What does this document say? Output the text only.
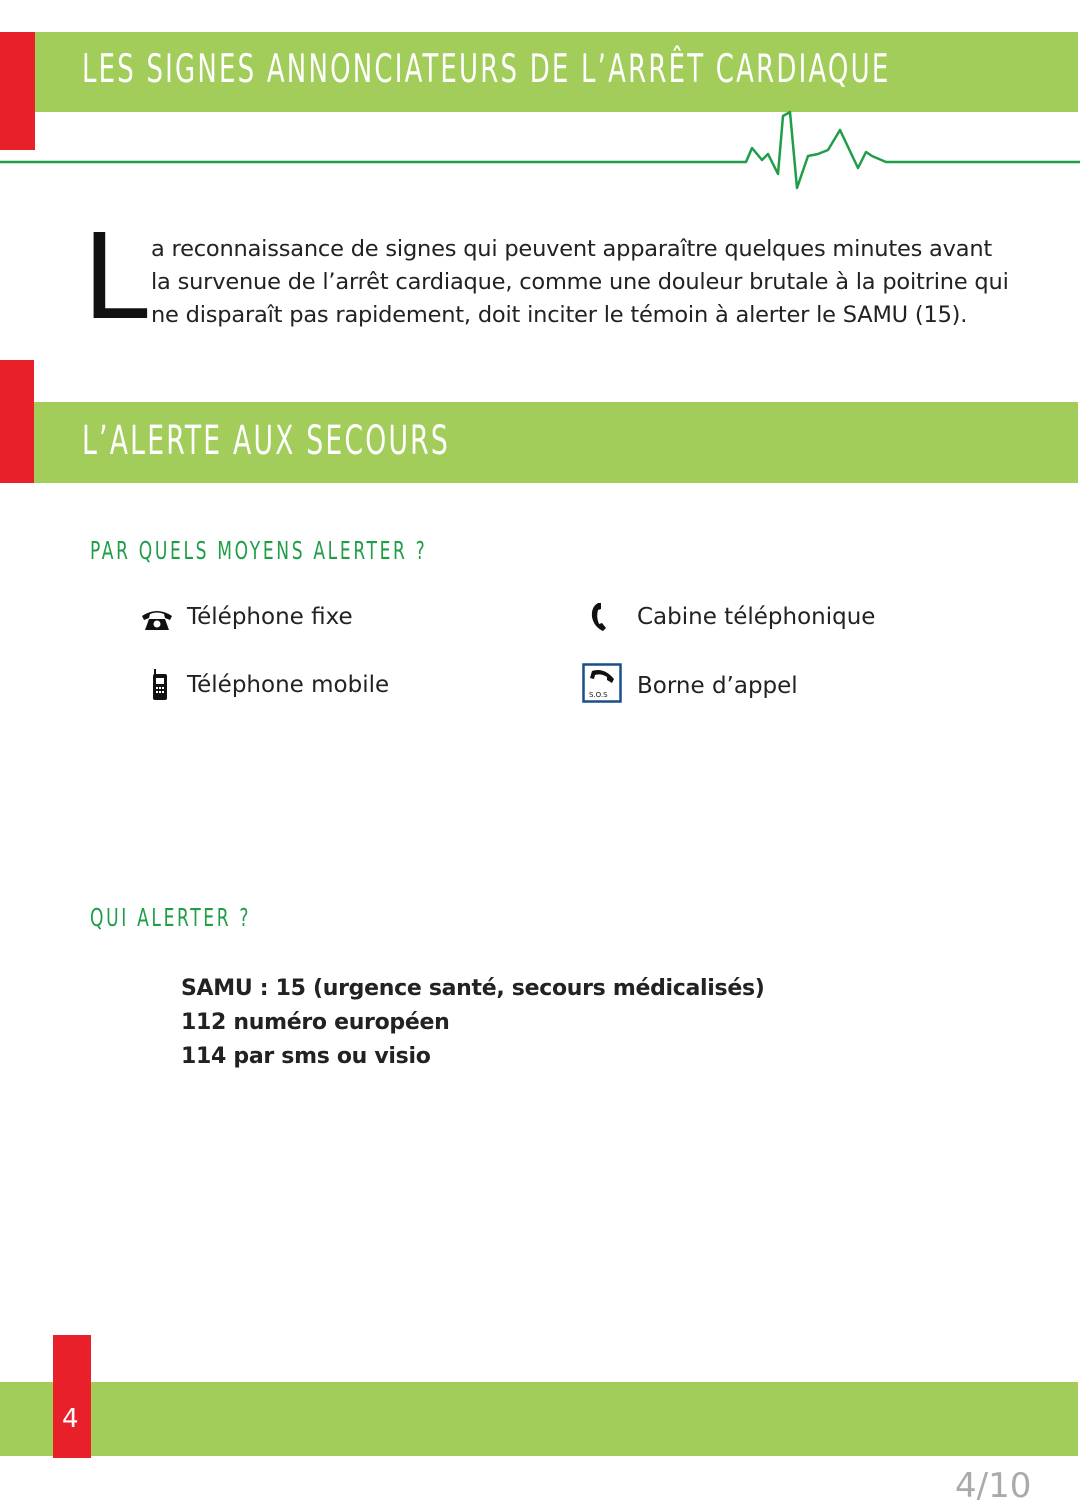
LES SIGNES ANNONCIATEURS DE L’ARRÊT CARDIAQUE
L a reconnaissance de signes qui peuvent apparaître quelques minutes avant
la survenue de l’arrêt cardiaque, comme une douleur brutale à la poitrine qui
ne disparaît pas rapidement, doit inciter le témoin à alerter le SAMU (15).
L’ALERTE AUX SECOURS
PAR QUELS MOYENS ALERTER ?
Téléphone fixe	Cabine téléphonique
Téléphone mobile	S.O.S Borne d’appel
QUI ALERTER ?
SAMU : 15 (urgence santé, secours médicalisés)
112 numéro européen
114 par sms ou visio
4
4/10
